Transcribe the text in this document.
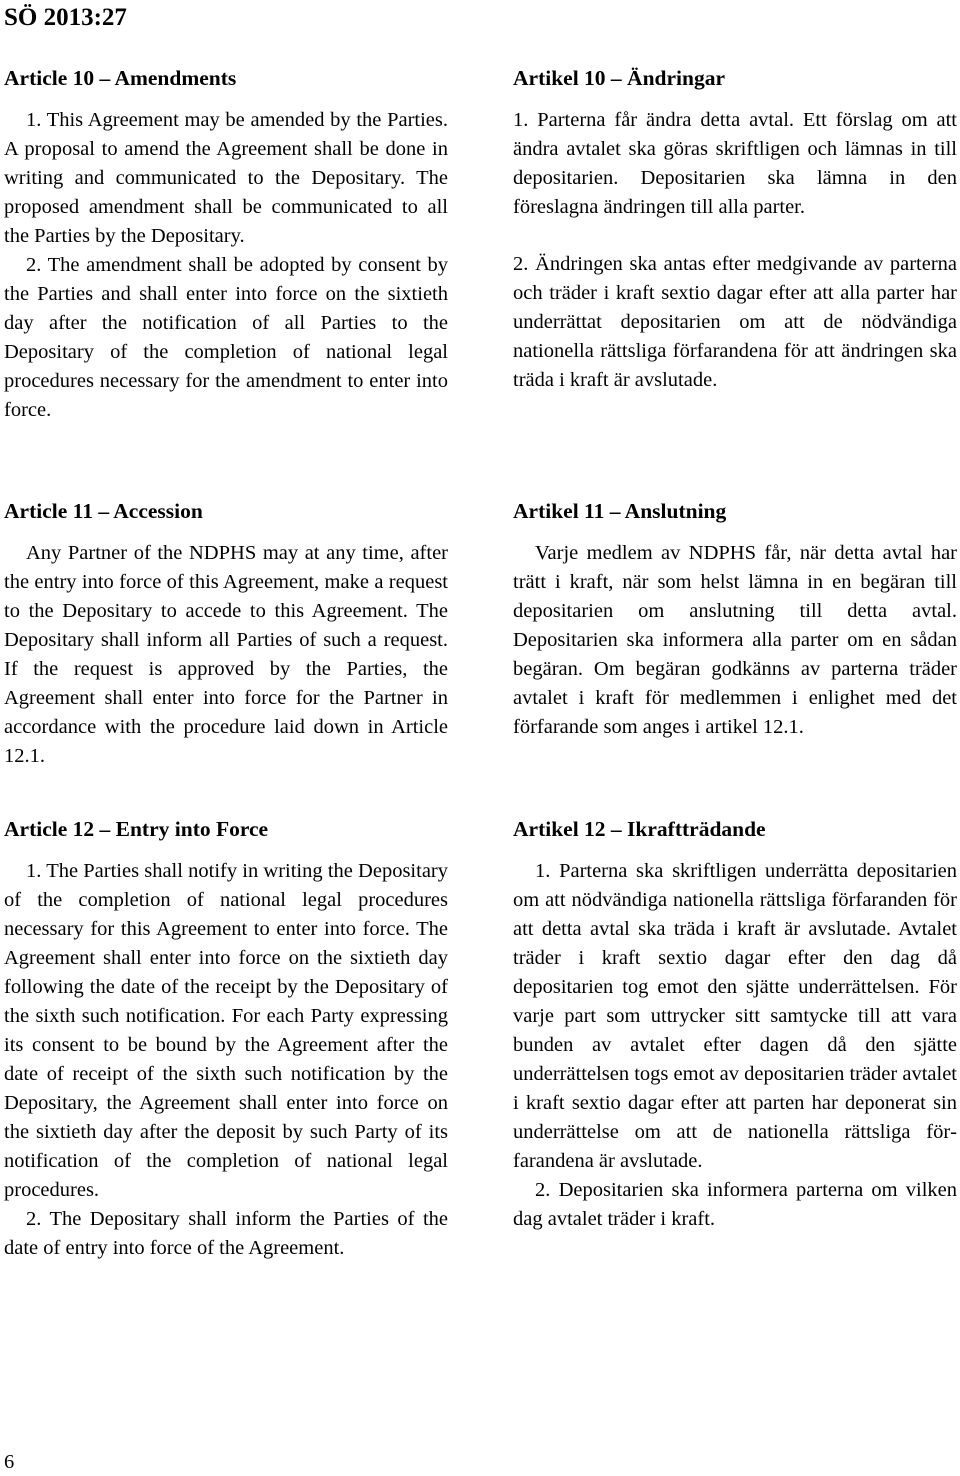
SÖ 2013:27
Article 10 – Amendments

1. This Agreement may be amended by the Parties. A proposal to amend the Agreement shall be done in writing and communicated to the Depositary. The proposed amendment shall be communicated to all the Parties by the Depositary.

2. The amendment shall be adopted by consent by the Parties and shall enter into force on the sixtieth day after the notification of all Parties to the Depositary of the completion of national legal procedures necessary for the amendment to enter into force.

Artikel 10 – Ändringar

1. Parterna får ändra detta avtal. Ett förslag om att ändra avtalet ska göras skriftligen och lämnas in till depositarien. Depositarien ska lämna in den föreslagna ändringen till alla parter.

2. Ändringen ska antas efter medgivande av parterna och träder i kraft sextio dagar efter att alla parter har underrättat depositarien om att de nödvändiga nationella rättsliga förfarandena för att ändringen ska träda i kraft är avslutade.

Article 11 – Accession

Any Partner of the NDPHS may at any time, after the entry into force of this Agreement, make a request to the Depositary to accede to this Agreement. The Depositary shall inform all Parties of such a request. If the request is approved by the Parties, the Agreement shall enter into force for the Partner in accordance with the procedure laid down in Article 12.1.

Artikel 11 – Anslutning

Varje medlem av NDPHS får, när detta avtal har trätt i kraft, när som helst lämna in en begäran till depositarien om anslutning till detta avtal. Depositarien ska informera alla parter om en sådan begäran. Om begäran godkänns av parterna träder avtalet i kraft för medlemmen i enlighet med det förfarande som anges i artikel 12.1.

Article 12 – Entry into Force

1. The Parties shall notify in writing the Depositary of the completion of national legal procedures necessary for this Agreement to enter into force. The Agreement shall enter into force on the sixtieth day following the date of the receipt by the Depositary of the sixth such notification. For each Party expressing its consent to be bound by the Agreement after the date of receipt of the sixth such notification by the Depositary, the Agreement shall enter into force on the sixtieth day after the deposit by such Party of its notification of the completion of national legal procedures.

2. The Depositary shall inform the Parties of the date of entry into force of the Agreement.

Artikel 12 – Ikraftträdande

1. Parterna ska skriftligen underrätta depositarien om att nödvändiga nationella rättsliga förfaranden för att detta avtal ska träda i kraft är avslutade. Avtalet träder i kraft sextio dagar efter den dag då depositarien tog emot den sjätte underrättelsen. För varje part som uttrycker sitt samtycke till att vara bunden av avtalet efter dagen då den sjätte underrättelsen togs emot av depositarien träder avtalet i kraft sextio dagar efter att parten har deponerat sin underrättelse om att de nationella rättsliga förfarandena är avslutade.

2. Depositarien ska informera parterna om vilken dag avtalet träder i kraft.

6
